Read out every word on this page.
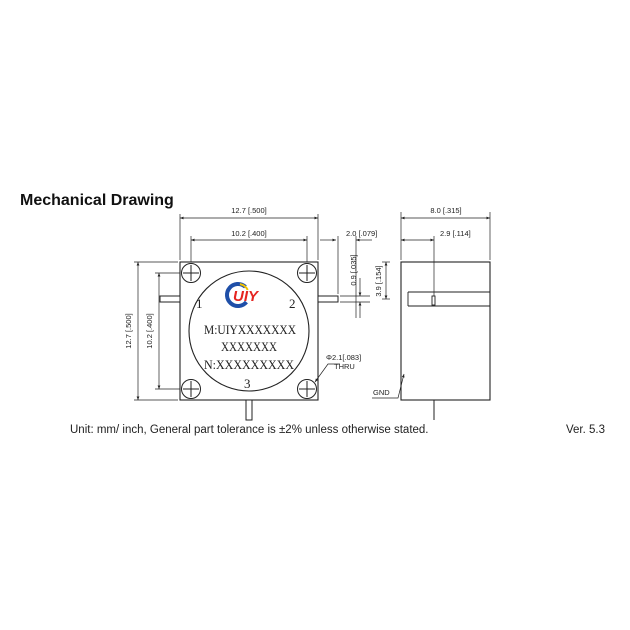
Mechanical Drawing
UIY
1	2
3
M:UIYXXXXXXX
XXXXXXX
N:XXXXXXXXX
12.7 [.500]
10.2 [.400]
12.7 [.500] 10.2 [.400]
2.0 [.079]
0.9 [.035] 3.9 [.154]
Φ2.1[.083]
THRU
8.0 [.315]
2.9 [.114]
GND
Unit: mm/ inch, General part tolerance is ±2% unless otherwise stated.	Ver. 5.3
